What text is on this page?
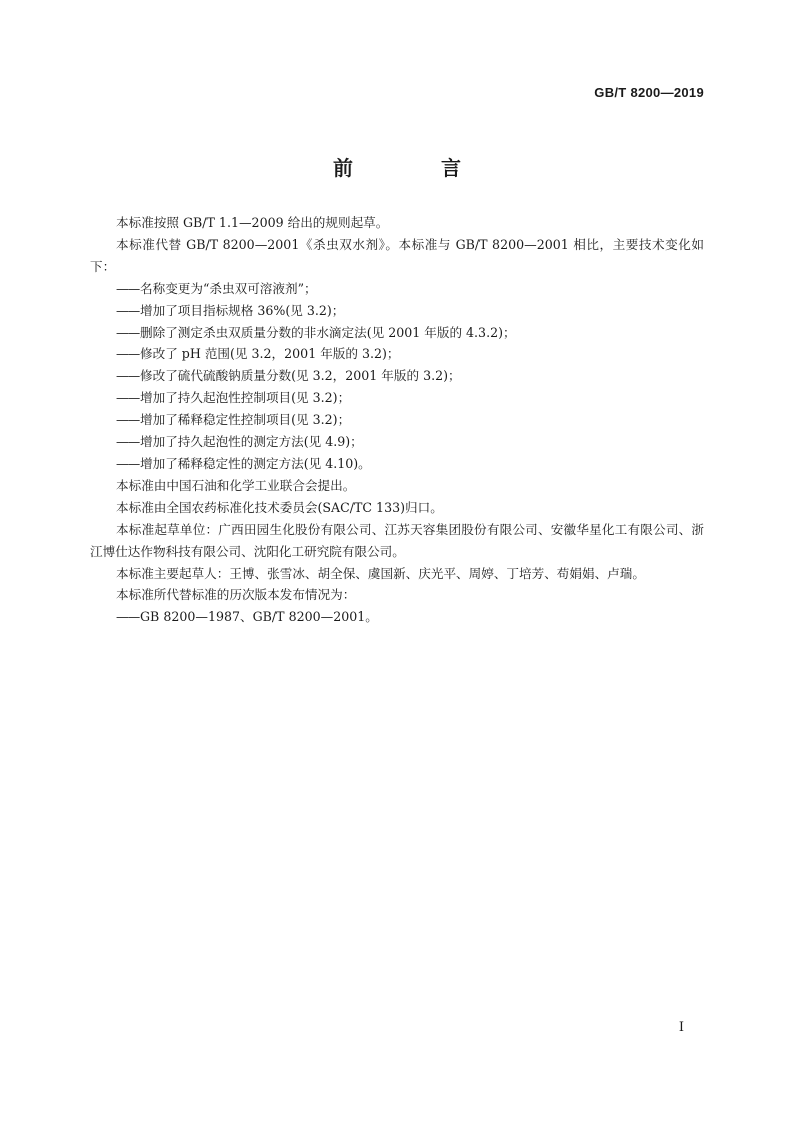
GB/T 8200—2019
前　言

本标准按照 GB/T 1.1—2009 给出的规则起草。

本标准代替 GB/T 8200—2001《杀虫双水剂》。本标准与 GB/T 8200—2001 相比，主要技术变化如下：

——名称变更为“杀虫双可溶液剂”；

——增加了项目指标规格 36%(见 3.2)；

——删除了测定杀虫双质量分数的非水滴定法(见 2001 年版的 4.3.2)；

——修改了 pH 范围(见 3.2，2001 年版的 3.2)；

——修改了硫代硫酸钠质量分数(见 3.2，2001 年版的 3.2)；

——增加了持久起泡性控制项目(见 3.2)；

——增加了稀释稳定性控制项目(见 3.2)；

——增加了持久起泡性的测定方法(见 4.9)；

——增加了稀释稳定性的测定方法(见 4.10)。

本标准由中国石油和化学工业联合会提出。

本标准由全国农药标准化技术委员会(SAC/TC 133)归口。

本标准起草单位：广西田园生化股份有限公司、江苏天容集团股份有限公司、安徽华星化工有限公司、浙江博仕达作物科技有限公司、沈阳化工研究院有限公司。

本标准主要起草人：王博、张雪冰、胡全保、虞国新、庆光平、周婷、丁培芳、苟娟娟、卢瑞。

本标准所代替标准的历次版本发布情况为：

——GB 8200—1987、GB/T 8200—2001。

I
